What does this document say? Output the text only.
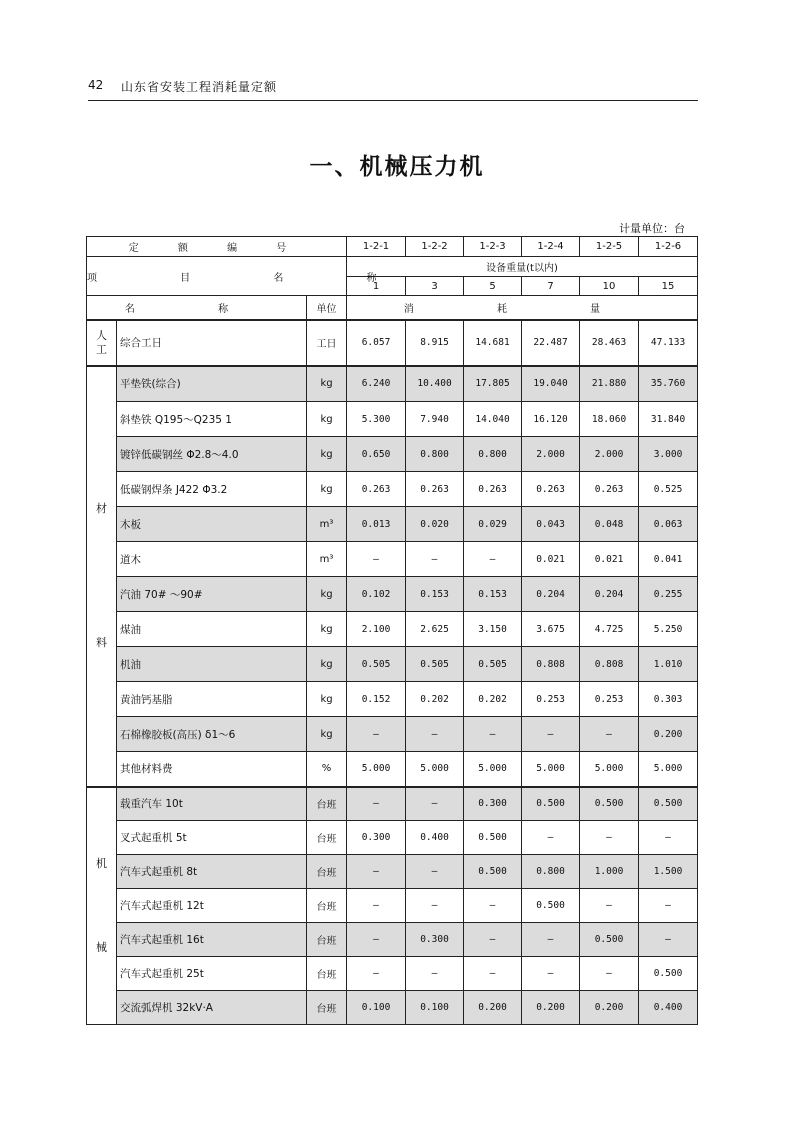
42 山东省安装工程消耗量定额
一、机械压力机
计量单位：台
定 额 编 号			1-2-1	1-2-2	1-2-3	1-2-4	1-2-5	1-2-6
项 目 名 称			设备重量(t以内)					
			1	3	5	7	10	15
名 称		单位	消 耗 量					
人
工	综合工日	工日	6.057	8.915	14.681	22.487	28.463	47.133
材
料	平垫铁(综合)	kg	6.240	10.400	17.805	19.040	21.880	35.760
	斜垫铁 Q195～Q235 1	kg	5.300	7.940	14.040	16.120	18.060	31.840
	镀锌低碳钢丝 Φ2.8～4.0	kg	0.650	0.800	0.800	2.000	2.000	3.000
	低碳钢焊条 J422 Φ3.2	kg	0.263	0.263	0.263	0.263	0.263	0.525
	木板	m³	0.013	0.020	0.029	0.043	0.048	0.063
	道木	m³	—	—	—	0.021	0.021	0.041
	汽油 70# ～90#	kg	0.102	0.153	0.153	0.204	0.204	0.255
	煤油	kg	2.100	2.625	3.150	3.675	4.725	5.250
	机油	kg	0.505	0.505	0.505	0.808	0.808	1.010
	黄油钙基脂	kg	0.152	0.202	0.202	0.253	0.253	0.303
	石棉橡胶板(高压) δ1～6	kg	—	—	—	—	—	0.200
	其他材料费	%	5.000	5.000	5.000	5.000	5.000	5.000
机
械	载重汽车 10t	台班	—	—	0.300	0.500	0.500	0.500
	叉式起重机 5t	台班	0.300	0.400	0.500	—	—	—
	汽车式起重机 8t	台班	—	—	0.500	0.800	1.000	1.500
	汽车式起重机 12t	台班	—	—	—	0.500	—	—
	汽车式起重机 16t	台班	—	0.300	—	—	0.500	—
	汽车式起重机 25t	台班	—	—	—	—	—	0.500
	交流弧焊机 32kV·A	台班	0.100	0.100	0.200	0.200	0.200	0.400
